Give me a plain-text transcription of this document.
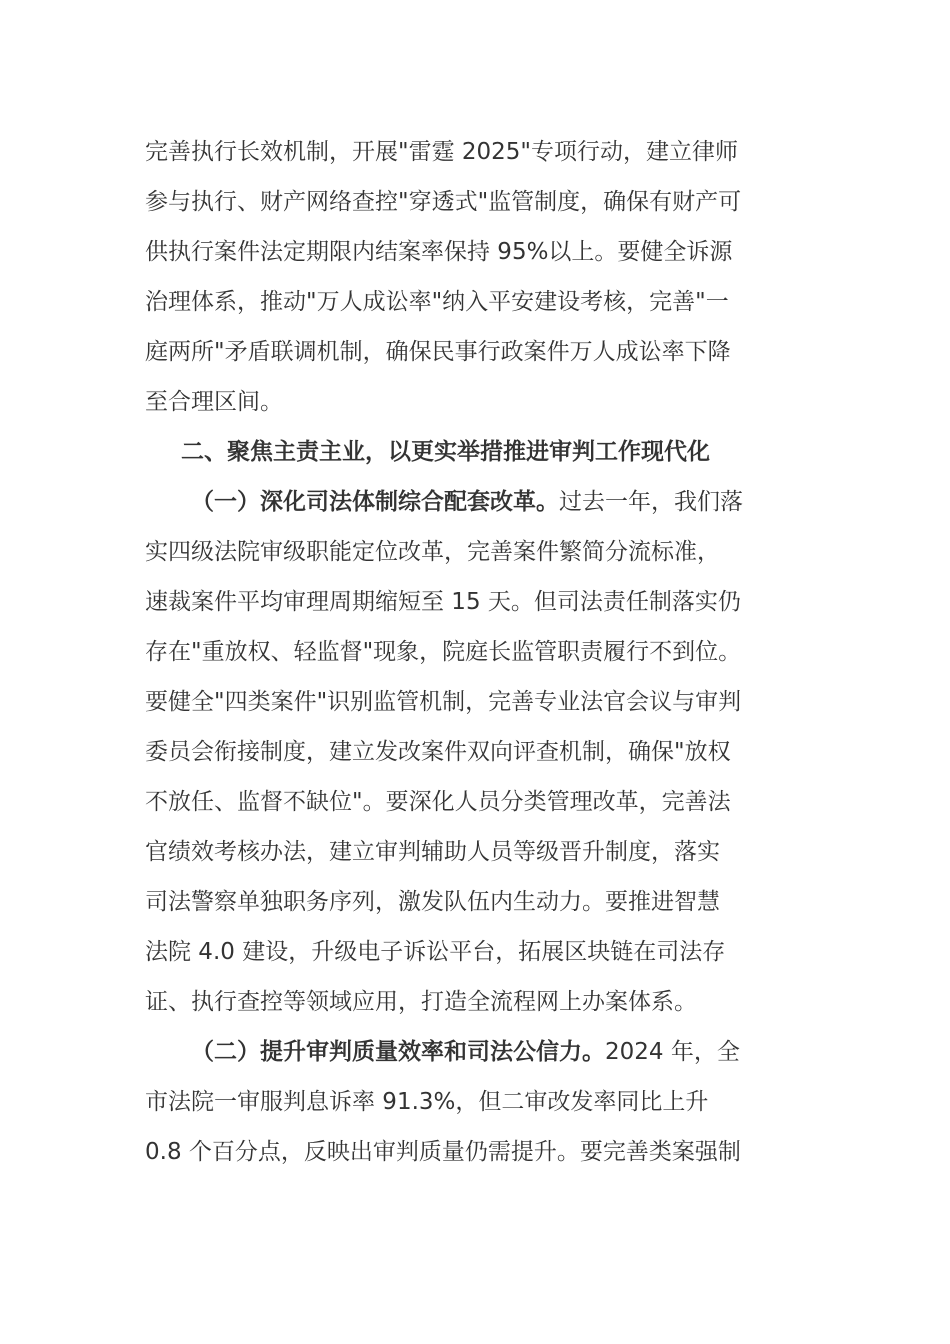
完善执行长效机制，开展"雷霆 2025"专项行动，建立律师
参与执行、财产网络查控"穿透式"监管制度，确保有财产可
供执行案件法定期限内结案率保持 95%以上。要健全诉源
治理体系，推动"万人成讼率"纳入平安建设考核，完善"一
庭两所"矛盾联调机制，确保民事行政案件万人成讼率下降
至合理区间。
二、聚焦主责主业，以更实举措推进审判工作现代化
（一）深化司法体制综合配套改革。过去一年，我们落
实四级法院审级职能定位改革，完善案件繁简分流标准，
速裁案件平均审理周期缩短至 15 天。但司法责任制落实仍
存在"重放权、轻监督"现象，院庭长监管职责履行不到位。
要健全"四类案件"识别监管机制，完善专业法官会议与审判
委员会衔接制度，建立发改案件双向评查机制，确保"放权
不放任、监督不缺位"。要深化人员分类管理改革，完善法
官绩效考核办法，建立审判辅助人员等级晋升制度，落实
司法警察单独职务序列，激发队伍内生动力。要推进智慧
法院 4.0 建设，升级电子诉讼平台，拓展区块链在司法存
证、执行查控等领域应用，打造全流程网上办案体系。
（二）提升审判质量效率和司法公信力。2024 年，全
市法院一审服判息诉率 91.3%，但二审改发率同比上升
0.8 个百分点，反映出审判质量仍需提升。要完善类案强制
